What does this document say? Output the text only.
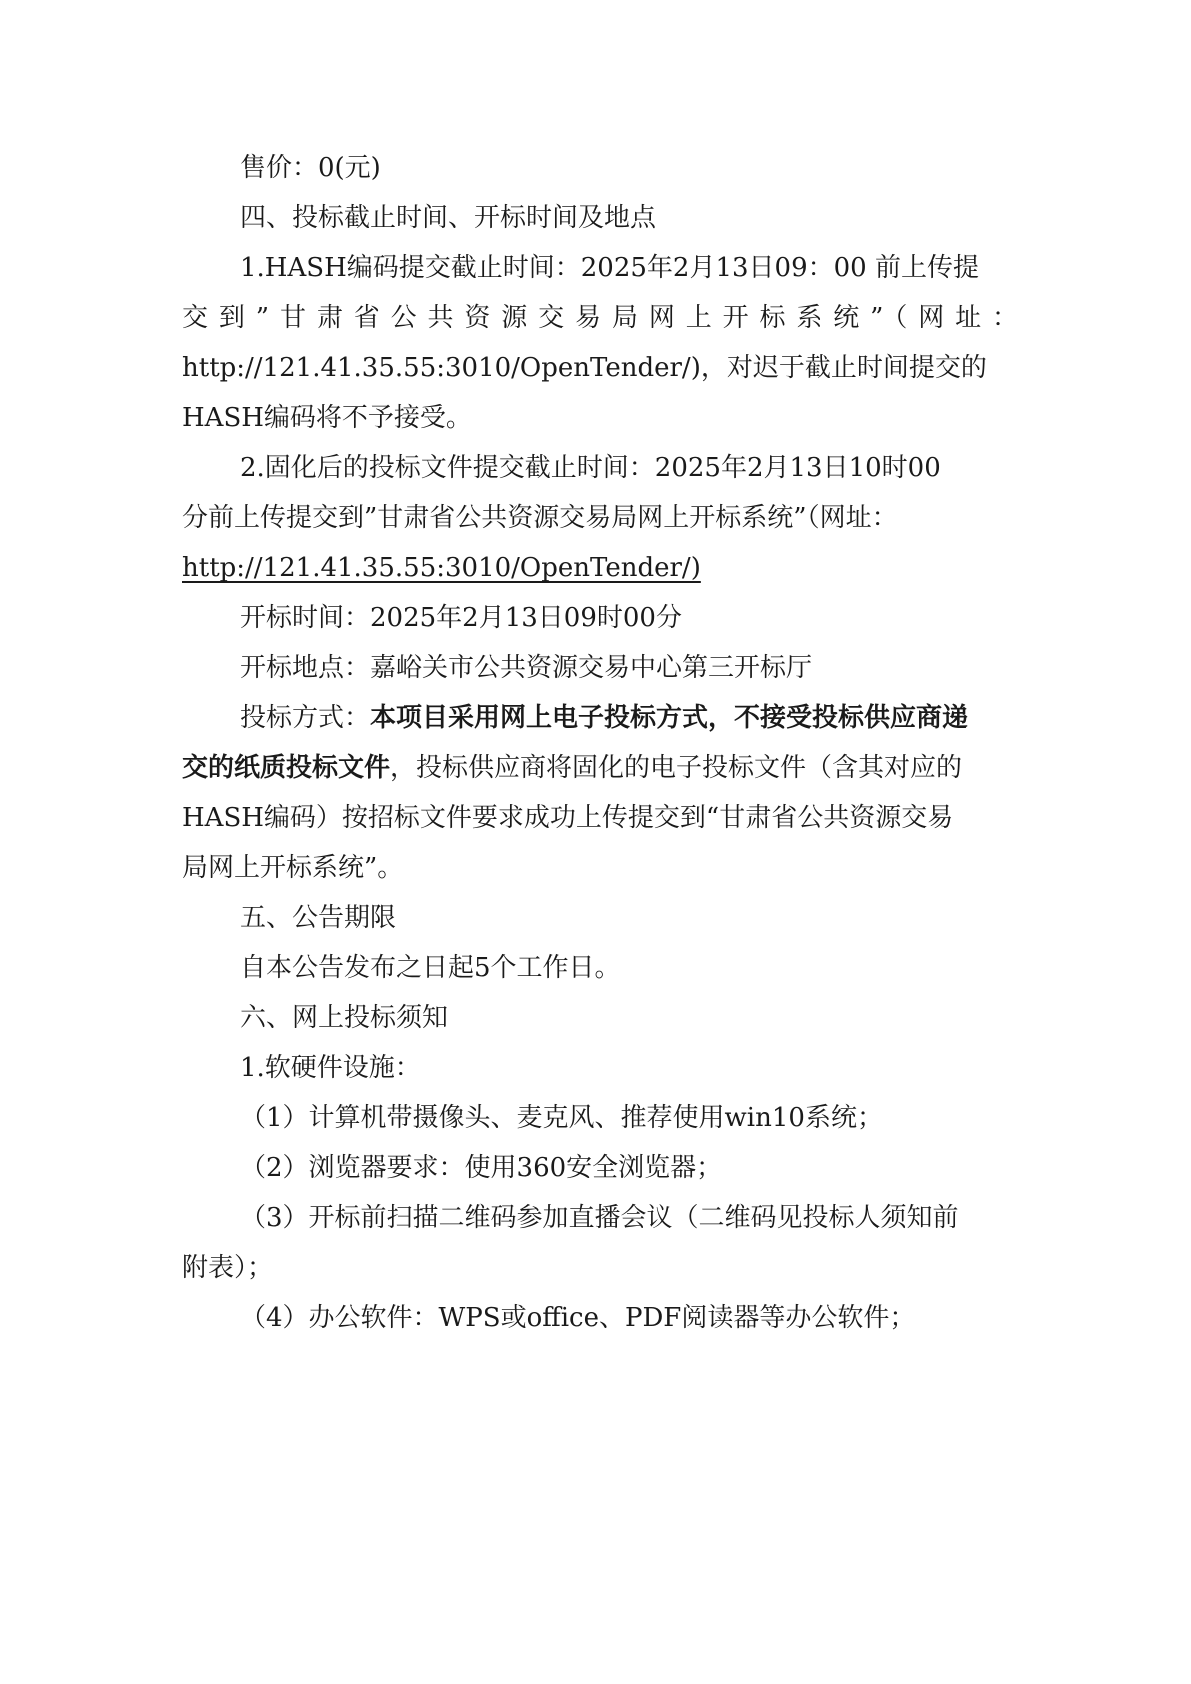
售价：0(元)

四、投标截止时间、开标时间及地点

1.HASH编码提交截止时间：2025年2月13日09：00 前上传提

交到”甘肃省公共资源交易局网上开标系统”（网址：

http://121.41.35.55:3010/OpenTender/)，对迟于截止时间提交的

HASH编码将不予接受。

2.固化后的投标文件提交截止时间：2025年2月13日10时00

分前上传提交到”甘肃省公共资源交易局网上开标系统”（网址：

http://121.41.35.55:3010/OpenTender/)

开标时间：2025年2月13日09时00分

开标地点：嘉峪关市公共资源交易中心第三开标厅

投标方式：本项目采用网上电子投标方式，不接受投标供应商递

交的纸质投标文件，投标供应商将固化的电子投标文件（含其对应的

HASH编码）按招标文件要求成功上传提交到“甘肃省公共资源交易

局网上开标系统”。

五、公告期限

自本公告发布之日起5个工作日。

六、网上投标须知

1.软硬件设施：

（1）计算机带摄像头、麦克风、推荐使用win10系统；

（2）浏览器要求：使用360安全浏览器；

（3）开标前扫描二维码参加直播会议（二维码见投标人须知前

附表）；

（4）办公软件：WPS或office、PDF阅读器等办公软件；
